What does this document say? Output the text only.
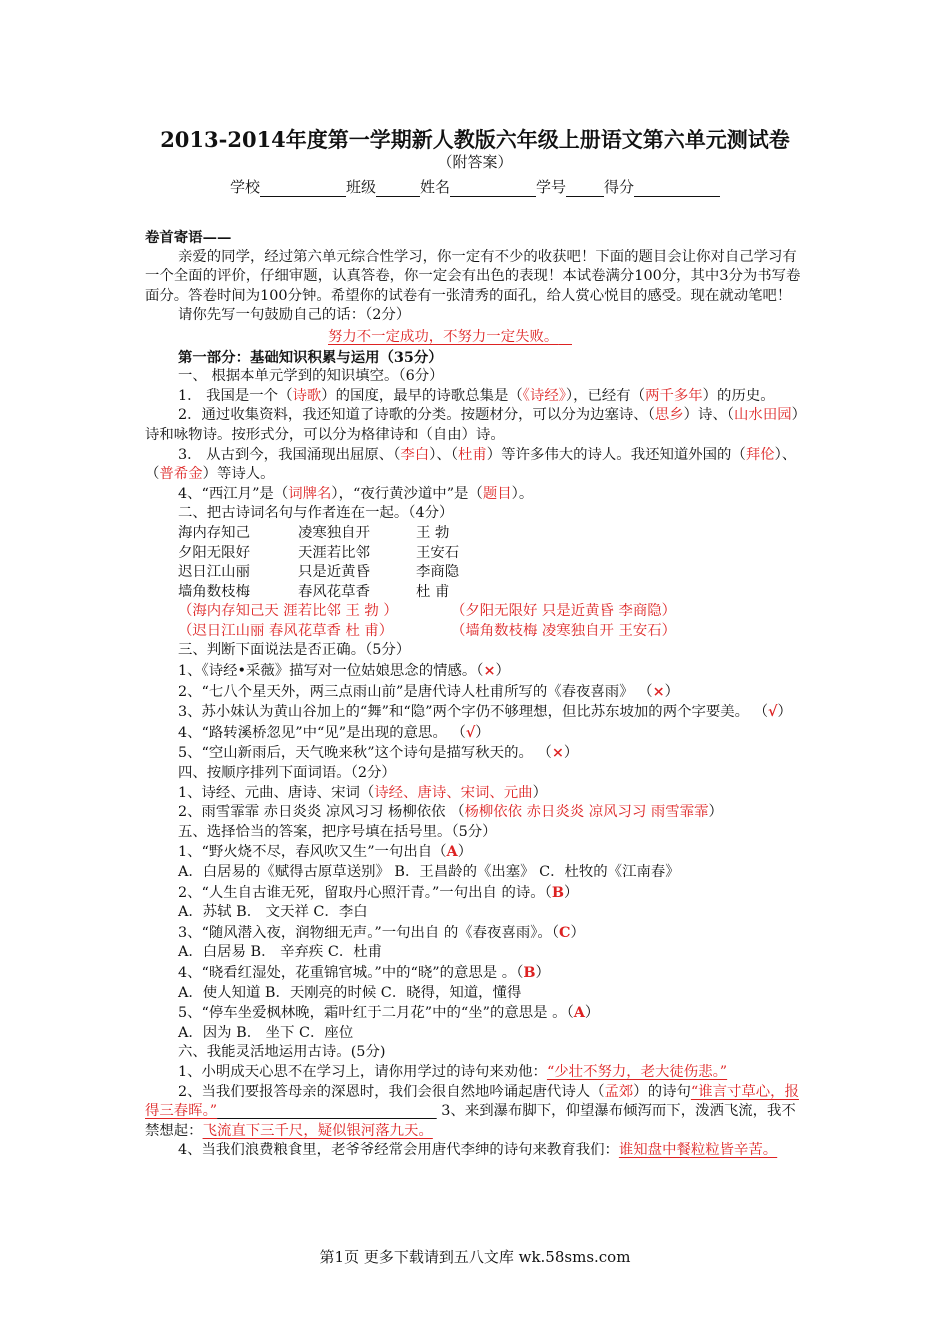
2013-2014年度第一学期新人教版六年级上册语文第六单元测试卷
（附答案）
学校	班级	姓名	学号	得分

卷首寄语——

亲爱的同学，经过第六单元综合性学习，你一定有不少的收获吧！下面的题目会让你对自己学习有一个全面的评价，仔细审题，认真答卷，你一定会有出色的表现！本试卷满分100分，其中3分为书写卷面分。答卷时间为100分钟。希望你的试卷有一张清秀的面孔，给人赏心悦目的感受。现在就动笔吧！

请你先写一句鼓励自己的话：（2分）

努力不一定成功，不努力一定失败。

第一部分：基础知识积累与运用（35分）

一、 根据本单元学到的知识填空。（6分）

1． 我国是一个（诗歌）的国度，最早的诗歌总集是（《诗经》），已经有（两千多年）的历史。

2．通过收集资料，我还知道了诗歌的分类。按题材分，可以分为边塞诗、（思乡）诗、（山水田园）诗和咏物诗。按形式分，可以分为格律诗和（自由）诗。

3． 从古到今，我国涌现出屈原、（李白）、（杜甫）等许多伟大的诗人。我还知道外国的（拜伦）、（普希金）等诗人。

4、“西江月”是（词牌名），“夜行黄沙道中”是（题目）。

二、把古诗词名句与作者连在一起。（4分）

海内存知己	凌寒独自开	王 勃
夕阳无限好	天涯若比邻	王安石
迟日江山丽	只是近黄昏	李商隐
墙角数枝梅	春风花草香	杜 甫
（海内存知己天 涯若比邻 王 勃 ）	（夕阳无限好 只是近黄昏 李商隐）
（迟日江山丽 春风花草香 杜 甫）	（墙角数枝梅 凌寒独自开 王安石）

三、判断下面说法是否正确。（5分）

1、《诗经•采薇》描写对一位姑娘思念的情感。（×）

2、“七八个星天外，两三点雨山前”是唐代诗人杜甫所写的《春夜喜雨》 （×）

3、苏小妹认为黄山谷加上的“舞”和“隐”两个字仍不够理想，但比苏东坡加的两个字要美。 （√）

4、“路转溪桥忽见”中“见”是出现的意思。 （√）

5、“空山新雨后，天气晚来秋”这个诗句是描写秋天的。 （×）

四、按顺序排列下面词语。（2分）

1、诗经、元曲、唐诗、宋词（诗经、唐诗、宋词、元曲）

2、雨雪霏霏 赤日炎炎 凉风习习 杨柳依依 （杨柳依依 赤日炎炎 凉风习习 雨雪霏霏）

五、选择恰当的答案，把序号填在括号里。（5分）

1、“野火烧不尽，春风吹又生”一句出自（A）

A．白居易的《赋得古原草送别》 B．王昌龄的《出塞》 C．杜牧的《江南春》

2、“人生自古谁无死，留取丹心照汗青。”一句出自 的诗。（B）

A．苏轼 B． 文天祥 C．李白

3、“随风潜入夜，润物细无声。”一句出自 的《春夜喜雨》。（C）

A．白居易 B． 辛弃疾 C．杜甫

4、“晓看红湿处，花重锦官城。”中的“晓”的意思是 。（B）

A．使人知道 B．天刚亮的时候 C．晓得，知道，懂得

5、“停车坐爱枫林晚，霜叶红于二月花”中的“坐”的意思是 。（A）

A．因为 B． 坐下 C．座位

六、我能灵活地运用古诗。(5分)

1、小明成天心思不在学习上，请你用学过的诗句来劝他：“少壮不努力，老大徒伤悲。”

2、当我们要报答母亲的深恩时，我们会很自然地吟诵起唐代诗人（孟郊）的诗句“谁言寸草心，报得三春晖。”	3、来到瀑布脚下，仰望瀑布倾泻而下，泼洒飞流，我不禁想起：飞流直下三千尺，疑似银河落九天。

4、当我们浪费粮食里，老爷爷经常会用唐代李绅的诗句来教育我们：谁知盘中餐粒粒皆辛苦。

第1页 更多下载请到五八文库 wk.58sms.com
